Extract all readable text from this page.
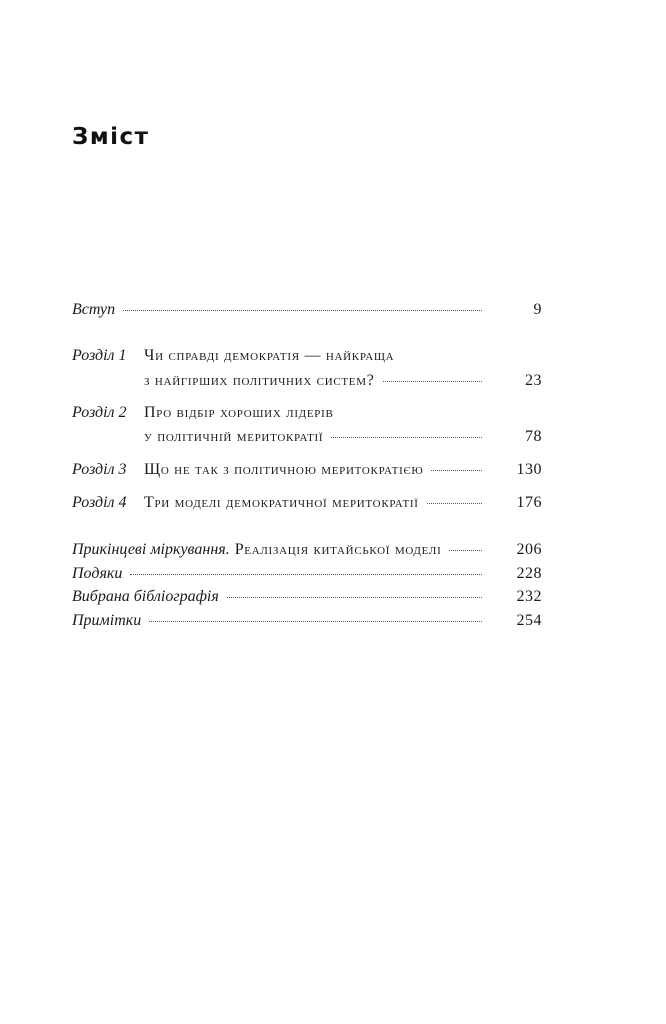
Зміст
Вступ	9
Розділ 1	Чи справді демократія — найкраща
з найгірших політичних систем?	23
Розділ 2	Про відбір хороших лідерів
у політичній меритократії	78
Розділ 3	Що не так з політичною меритократією	130
Розділ 4	Три моделі демократичної меритократії	176
Прикінцеві міркування. Реалізація китайської моделі	206
Подяки	228
Вибрана бібліографія	232
Примітки	254
